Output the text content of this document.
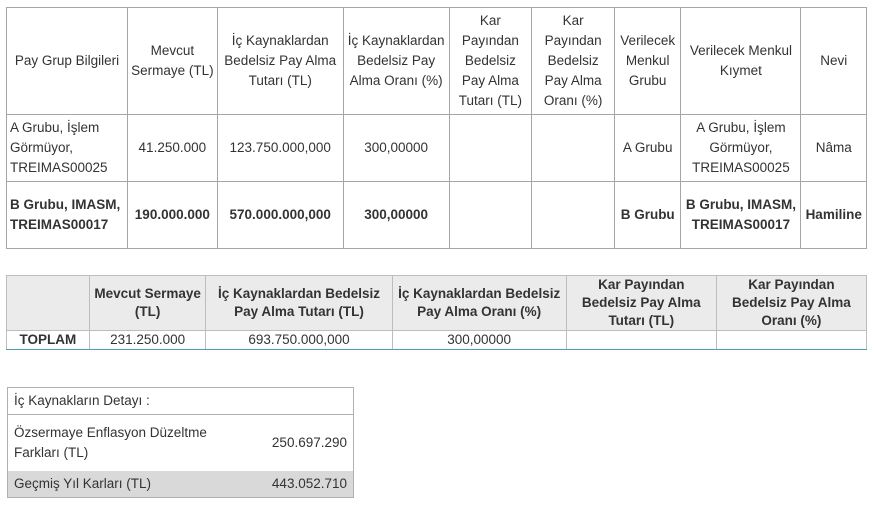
Pay Grup Bilgileri	Mevcut Sermaye (TL)	İç Kaynaklardan Bedelsiz Pay Alma Tutarı (TL)	İç Kaynaklardan Bedelsiz Pay Alma Oranı (%)	Kar Payından Bedelsiz Pay Alma Tutarı (TL)	Kar Payından Bedelsiz Pay Alma Oranı (%)	Verilecek Menkul Grubu	Verilecek Menkul Kıymet	Nevi
A Grubu, İşlem Görmüyor, TREIMAS00025	41.250.000	123.750.000,000	300,00000			A Grubu	A Grubu, İşlem Görmüyor, TREIMAS00025	Nâma
B Grubu, IMASM, TREIMAS00017	190.000.000	570.000.000,000	300,00000			B Grubu	B Grubu, IMASM, TREIMAS00017	Hamiline
	Mevcut Sermaye (TL)	İç Kaynaklardan Bedelsiz Pay Alma Tutarı (TL)	İç Kaynaklardan Bedelsiz Pay Alma Oranı (%)	Kar Payından Bedelsiz Pay Alma Tutarı (TL)	Kar Payından Bedelsiz Pay Alma Oranı (%)
TOPLAM	231.250.000	693.750.000,000	300,00000		
İç Kaynakların Detayı :	
Özsermaye Enflasyon Düzeltme Farkları (TL)	250.697.290
Geçmiş Yıl Karları (TL)	443.052.710
